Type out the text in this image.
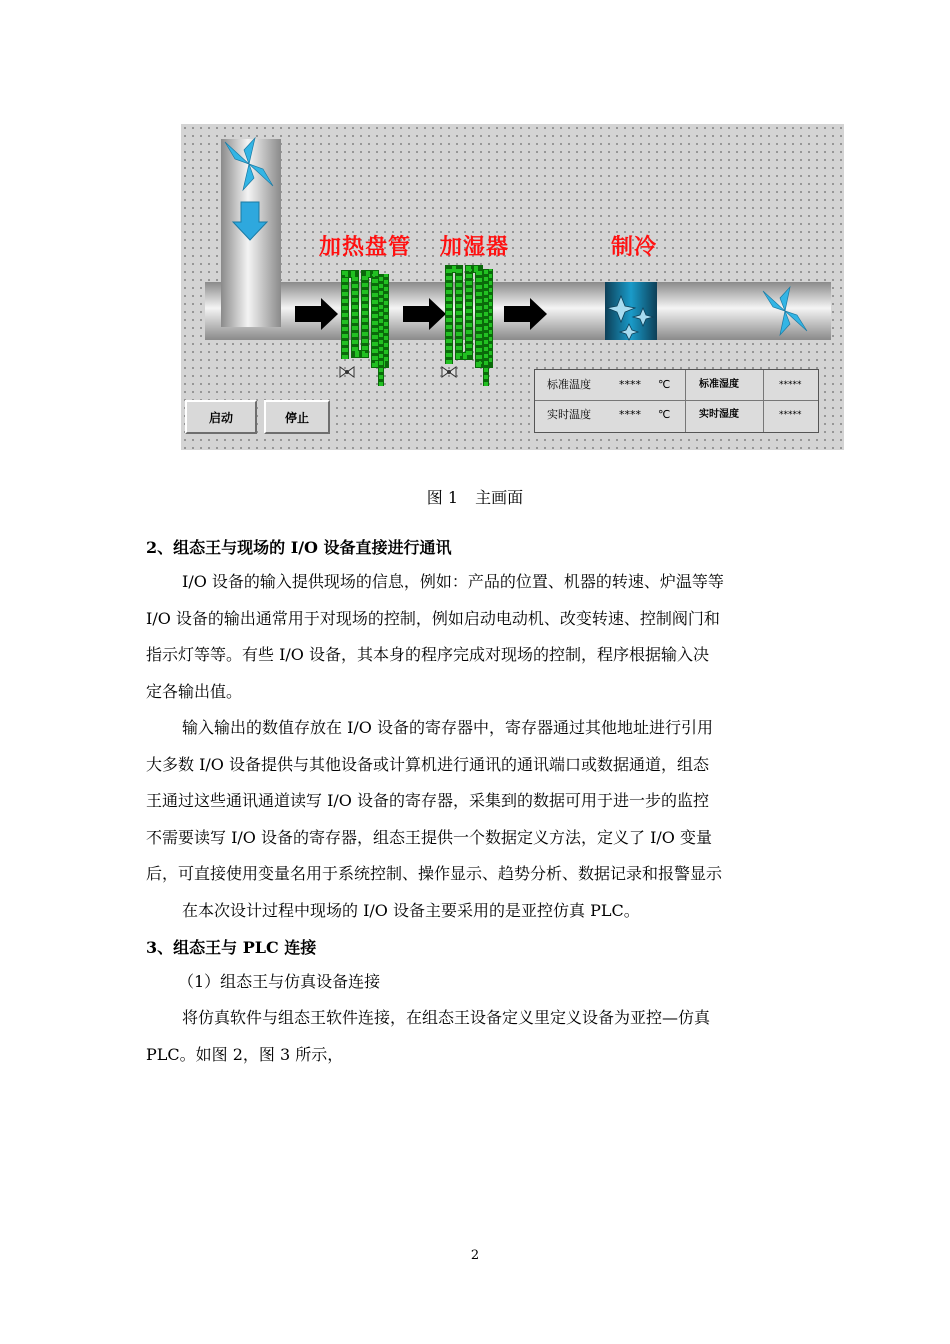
加热盘管 加湿器	制冷
启动	停止
标准温度	**** ℃	标准湿度	*****
实时温度	**** ℃	实时湿度	*****
图 1 主画面
2、组态王与现场的 I/O 设备直接进行通讯

I/O 设备的输入提供现场的信息，例如：产品的位置、机器的转速、炉温等等

I/O 设备的输出通常用于对现场的控制，例如启动电动机、改变转速、控制阀门和

指示灯等等。有些 I/O 设备，其本身的程序完成对现场的控制，程序根据输入决

定各输出值。

输入输出的数值存放在 I/O 设备的寄存器中，寄存器通过其他地址进行引用

大多数 I/O 设备提供与其他设备或计算机进行通讯的通讯端口或数据通道，组态

王通过这些通讯通道读写 I/O 设备的寄存器，采集到的数据可用于进一步的监控

不需要读写 I/O 设备的寄存器，组态王提供一个数据定义方法，定义了 I/O 变量

后，可直接使用变量名用于系统控制、操作显示、趋势分析、数据记录和报警显示

在本次设计过程中现场的 I/O 设备主要采用的是亚控仿真 PLC。

3、组态王与 PLC 连接

（1）组态王与仿真设备连接

将仿真软件与组态王软件连接，在组态王设备定义里定义设备为亚控—仿真

PLC。如图 2，图 3 所示，

2
